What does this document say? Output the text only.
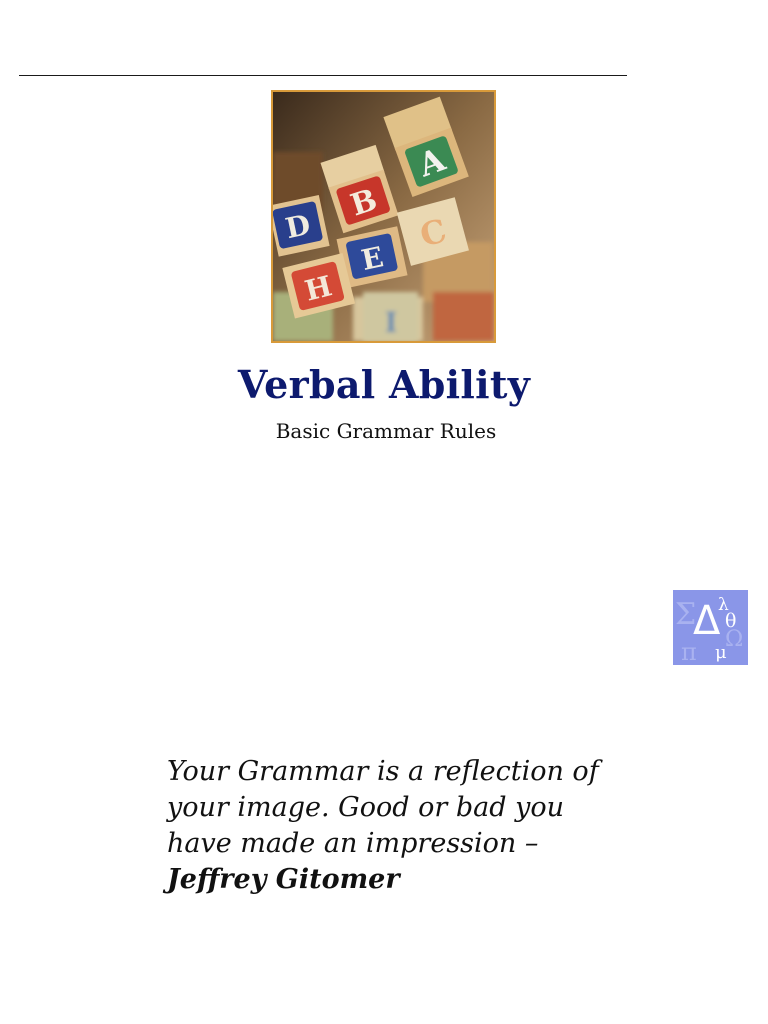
A
B
C
D
E
H
I
Verbal Ability
Basic Grammar Rules
Σ
Δ
λ
θ
π μ
Ω
Your Grammar is a reflection of
your image. Good or bad you
have made an impression –
Jeffrey Gitomer
